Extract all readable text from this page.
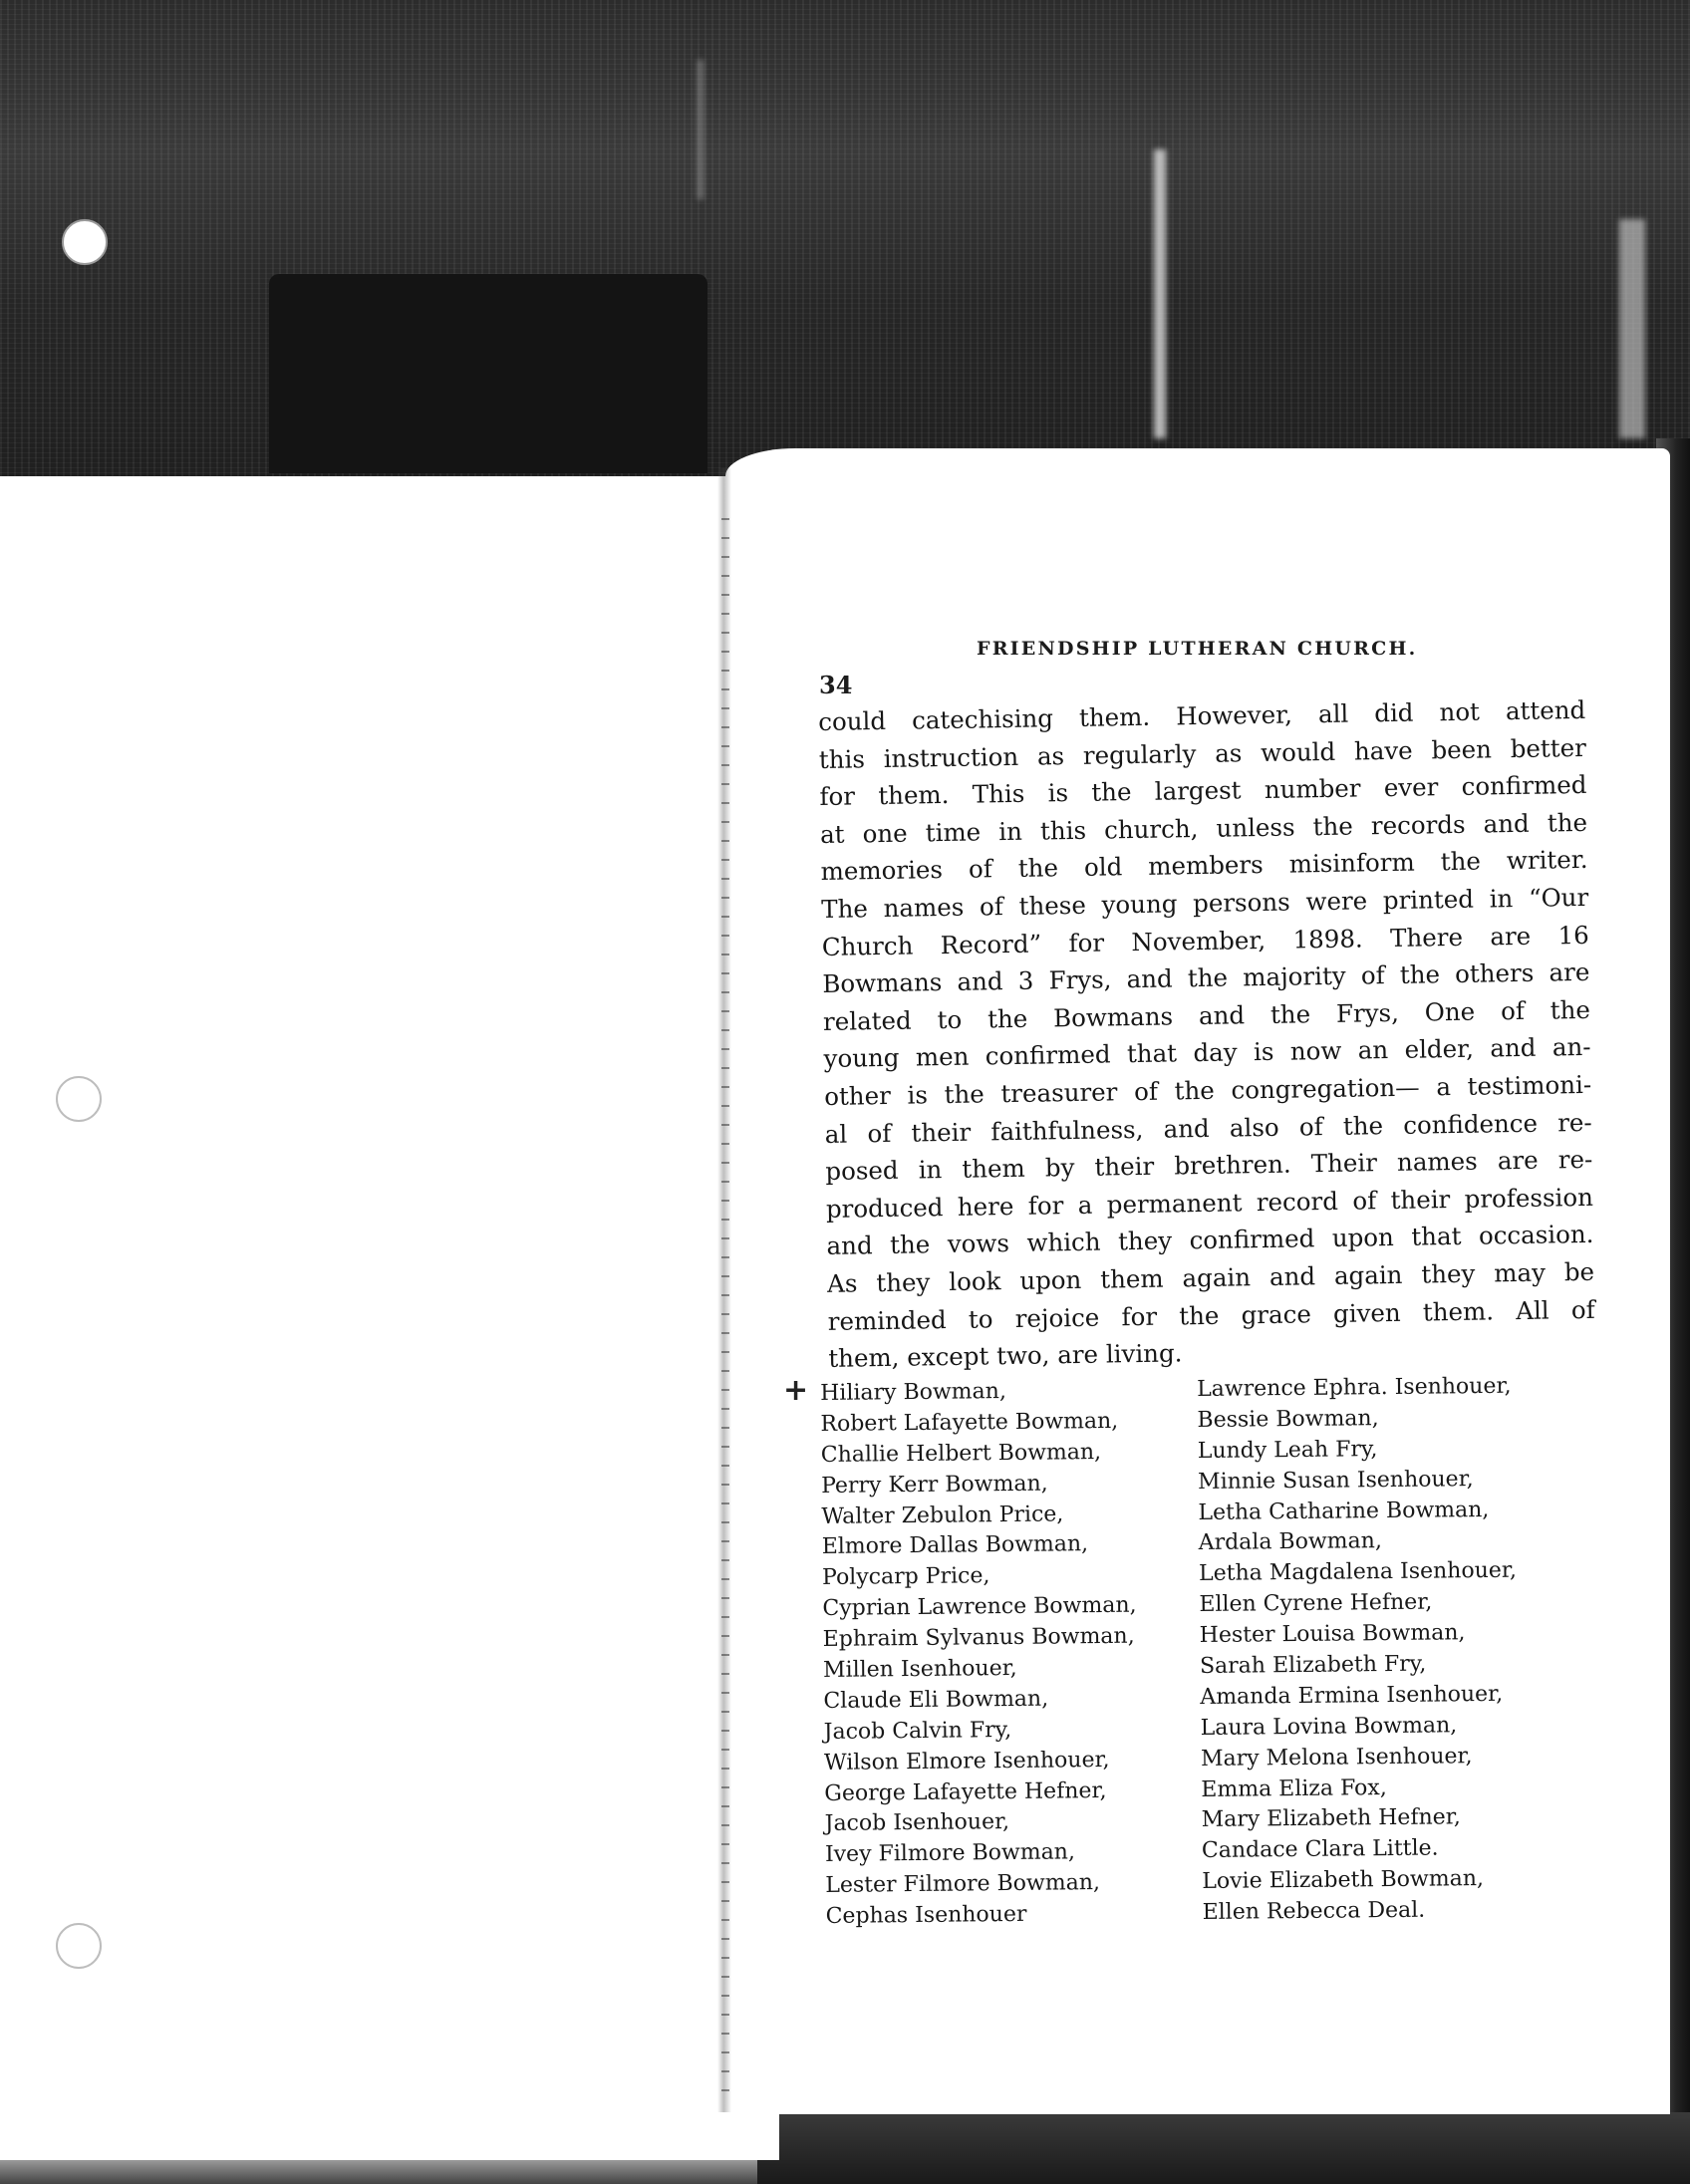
FRIENDSHIP LUTHERAN CHURCH.
34
could catechising them. However, all did not attend
this instruction as regularly as would have been better
for them. This is the largest number ever confirmed
at one time in this church, unless the records and the
memories of the old members misinform the writer.
The names of these young persons were printed in “Our
Church Record” for November, 1898. There are 16
Bowmans and 3 Frys, and the majority of the others are
related to the Bowmans and the Frys, One of the
young men confirmed that day is now an elder, and an-
other is the treasurer of the congregation— a testimoni-
al of their faithfulness, and also of the confidence re-
posed in them by their brethren. Their names are re-
produced here for a permanent record of their profession
and the vows which they confirmed upon that occasion.
As they look upon them again and again they may be
reminded to rejoice for the grace given them. All of
them, except two, are living.
+ Hiliary Bowman,	Lawrence Ephra. Isenhouer,
Robert Lafayette Bowman,	Bessie Bowman,
Challie Helbert Bowman,	Lundy Leah Fry,
Perry Kerr Bowman,	Minnie Susan Isenhouer,
Walter Zebulon Price,	Letha Catharine Bowman,
Elmore Dallas Bowman,	Ardala Bowman,
Polycarp Price,	Letha Magdalena Isenhouer,
Cyprian Lawrence Bowman,	Ellen Cyrene Hefner,
Ephraim Sylvanus Bowman,	Hester Louisa Bowman,
Millen Isenhouer,	Sarah Elizabeth Fry,
Claude Eli Bowman,	Amanda Ermina Isenhouer,
Jacob Calvin Fry,	Laura Lovina Bowman,
Wilson Elmore Isenhouer,	Mary Melona Isenhouer,
George Lafayette Hefner,	Emma Eliza Fox,
Jacob Isenhouer,	Mary Elizabeth Hefner,
Ivey Filmore Bowman,	Candace Clara Little.
Lester Filmore Bowman,	Lovie Elizabeth Bowman,
Cephas Isenhouer	Ellen Rebecca Deal.
